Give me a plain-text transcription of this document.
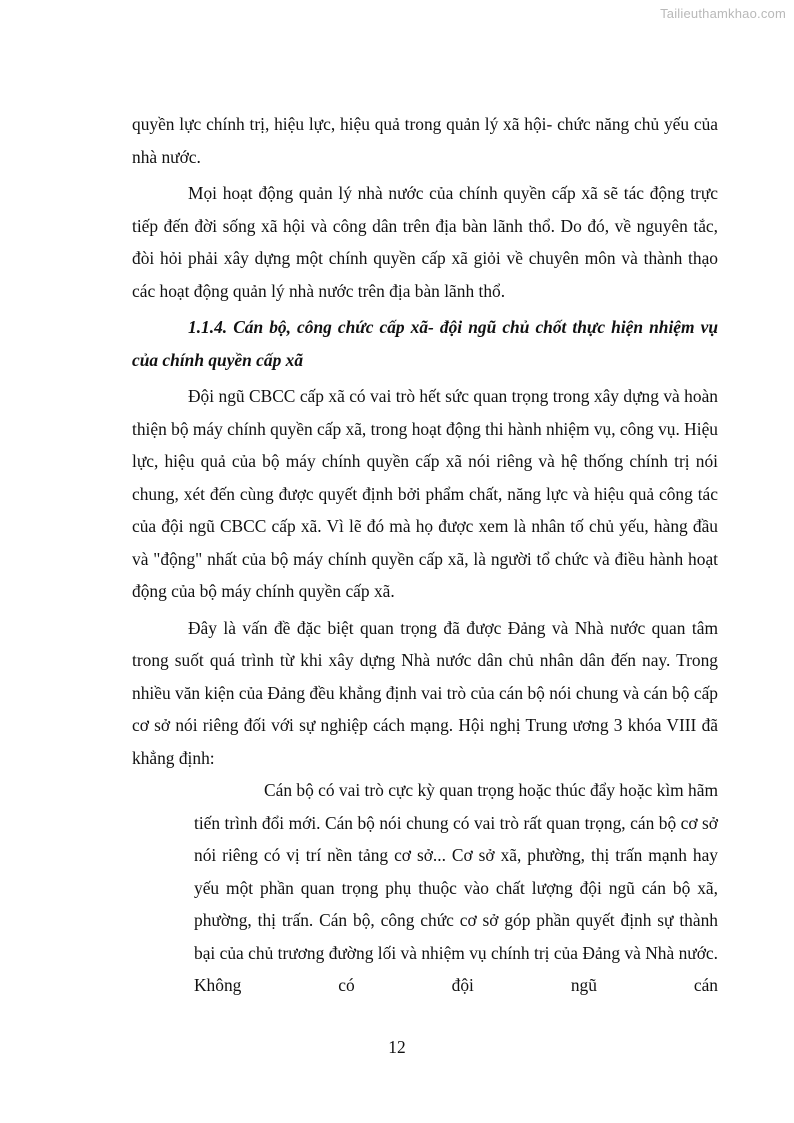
Tailieuthamkhao.com

quyền lực chính trị, hiệu lực, hiệu quả trong quản lý xã hội- chức năng chủ yếu của nhà nước.

Mọi hoạt động quản lý nhà nước của chính quyền cấp xã sẽ tác động trực tiếp đến đời sống xã hội và công dân trên địa bàn lãnh thổ. Do đó, về nguyên tắc, đòi hỏi phải xây dựng một chính quyền cấp xã giỏi về chuyên môn và thành thạo các hoạt động quản lý nhà nước trên địa bàn lãnh thổ.

1.1.4. Cán bộ, công chức cấp xã- đội ngũ chủ chốt thực hiện nhiệm vụ của chính quyền cấp xã

Đội ngũ CBCC cấp xã có vai trò hết sức quan trọng trong xây dựng và hoàn thiện bộ máy chính quyền cấp xã, trong hoạt động thi hành nhiệm vụ, công vụ. Hiệu lực, hiệu quả của bộ máy chính quyền cấp xã nói riêng và hệ thống chính trị nói chung, xét đến cùng được quyết định bởi phẩm chất, năng lực và hiệu quả công tác của đội ngũ CBCC cấp xã. Vì lẽ đó mà họ được xem là nhân tố chủ yếu, hàng đầu và "động" nhất của bộ máy chính quyền cấp xã, là người tổ chức và điều hành hoạt động của bộ máy chính quyền cấp xã.

Đây là vấn đề đặc biệt quan trọng đã được Đảng và Nhà nước quan tâm trong suốt quá trình từ khi xây dựng Nhà nước dân chủ nhân dân đến nay. Trong nhiều văn kiện của Đảng đều khẳng định vai trò của cán bộ nói chung và cán bộ cấp cơ sở nói riêng đối với sự nghiệp cách mạng. Hội nghị Trung ương 3 khóa VIII đã khẳng định:

Cán bộ có vai trò cực kỳ quan trọng hoặc thúc đẩy hoặc kìm hãm tiến trình đổi mới. Cán bộ nói chung có vai trò rất quan trọng, cán bộ cơ sở nói riêng có vị trí nền tảng cơ sở... Cơ sở xã, phường, thị trấn mạnh hay yếu một phần quan trọng phụ thuộc vào chất lượng đội ngũ cán bộ xã, phường, thị trấn. Cán bộ, công chức cơ sở góp phần quyết định sự thành bại của chủ trương đường lối và nhiệm vụ chính trị của Đảng và Nhà nước. Không có đội ngũ cán

12
